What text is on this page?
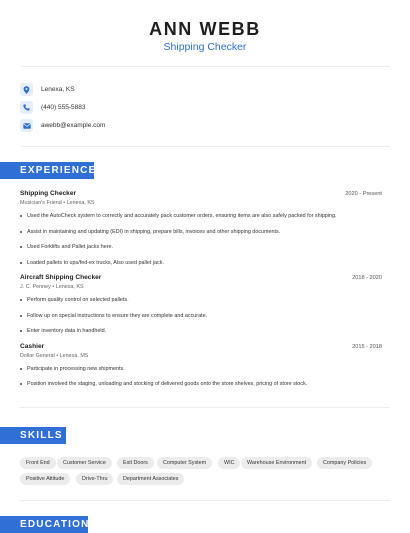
ANN WEBB
Shipping Checker
Lenexa, KS
(440) 555-5883
awebb@example.com
EXPERIENCE
Shipping Checker	2020 - Present
Musician's Friend • Lenexa, KS
Used the AutoCheck system to correctly and accurately pack customer orders, ensuring items are also safely packed for shipping.
Assist in maintaining and updating (EDI) in shipping, prepare bills, invoices and other shipping documents.
Used Forklifts and Pallet jacks here.
Loaded pallets to ups/fed-ex trucks, Also used pallet jack.
Aircraft Shipping Checker	2018 - 2020
J. C. Penney • Lenexa, KS
Perform quality control on selected pallets.
Follow up on special instructions to ensure they are complete and accurate.
Enter inventory data in handheld.
Cashier	2015 - 2018
Dollar General • Lenexa, MS
Participate in processing new shipments.
Position involved the staging, unloading and stocking of delivered goods onto the store shelves, pricing of store stock.
SKILLS
Front End	Customer Service	Exit Doors	Computer System	WIC	Warehouse Environment	Company Policies
Positive Attitude	Drive-Thru	Department Associates
EDUCATION
